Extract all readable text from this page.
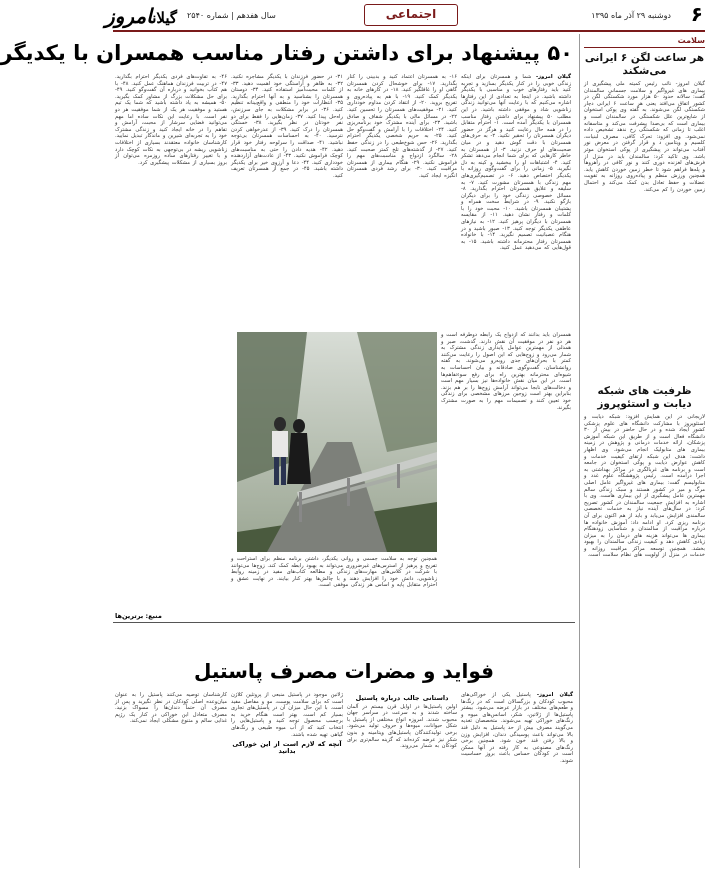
گیلانامروز	سال هفدهم | شماره ۲۵۴۰	اجتماعی	دوشنبه ۲۹ آذر ماه ۱۳۹۵ ۶
سلامت
هر ساعت لگن ۶ ایرانی می‌شکند
گیلان امروز- نائب رئیس کمیته ملی پیشگیری از بیماری های غیرواگیر و سلامت جسمانی سالمندان گفت: سالانه حدود ۵۰ هزار مورد شکستگی لگن در کشور اتفاق می‌افتد یعنی هر ساعت ۶ ایرانی دچار شکستگی لگن می‌شوند. به گفته وی پوکی استخوان از شایع‌ترین علل شکستگی در سالمندان است و بیماری است که بی‌صدا پیشرفت می‌کند و متاسفانه اغلب تا زمانی که شکستگی رخ ندهد تشخیص داده نمی‌شود. وی افزود: تحرک کافی، مصرف لبنیات، کلسیم و ویتامین د و قرار گرفتن در معرض نور آفتاب می‌تواند در پیشگیری از پوکی استخوان موثر باشد. وی تاکید کرد: سالمندان باید در منزل از فرش‌های لغزنده دوری کنند و نور کافی در راهروها و پله‌ها فراهم شود تا خطر زمین خوردن کاهش یابد. همچنین ورزش منظم و پیاده‌روی روزانه به تقویت عضلات و حفظ تعادل بدن کمک می‌کند و احتمال زمین خوردن را کم می‌کند.
ظرفیت های شبکه دیابت و استئوپروز
لاریجانی در این همایش افزود: شبکه دیابت و استئوپروز با مشارکت دانشگاه های علوم پزشکی کشور ایجاد شده و در حال حاضر در بیش از ۳۰ دانشگاه فعال است و از طریق این شبکه آموزش پزشکان، ارائه خدمات درمانی و پژوهش در زمینه بیماری های متابولیک انجام می‌شود. وی اظهار داشت: هدف این شبکه ارتقای کیفیت خدمات و کاهش عوارض دیابت و پوکی استخوان در جامعه است و برنامه های غربالگری در مراکز بهداشتی به اجرا درآمده است. رئیس پژوهشگاه علوم غدد و متابولیسم گفت: بیماری های غیرواگیر عامل اصلی مرگ و میر در کشور هستند و سبک زندگی سالم مهمترین عامل پیشگیری از این بیماری هاست. وی با اشاره به افزایش جمعیت سالمندان در کشور تصریح کرد: در سال‌های آینده نیاز به خدمات تخصصی سالمندی افزایش می‌یابد و باید از هم اکنون برای آن برنامه ریزی کرد. او ادامه داد: آموزش خانواده ها درباره مراقبت از سالمندان و شناسایی زودهنگام بیماری ها می‌تواند هزینه های درمان را به میزان زیادی کاهش دهد و کیفیت زندگی سالمندان را بهبود بخشد. همچنین توسعه مراکز مراقبت روزانه و خدمات در منزل از اولویت های نظام سلامت است.
۵۰ پیشنهاد برای داشتن رفتار مناسب همسران با یکدیگر
گیلان امروز- شما و همسرتان برای اینکه زندگی خوبی را در کنار یکدیگر بسازید و تجربه کنید باید رفتارهای خوب و مناسبی با یکدیگر داشته باشید. در اینجا به تعدادی از این رفتارها اشاره می‌کنیم که با رعایت آنها می‌توانید زندگی زناشویی شاد و موفقی داشته باشید. در این مطلب ۵۰ پیشنهاد برای داشتن رفتار مناسب همسران با یکدیگر آمده است. ۱- احترام متقابل را در همه حال رعایت کنید و هرگز در حضور دیگران همسرتان را تحقیر نکنید. ۲- به حرف‌های همسرتان با دقت گوش دهید و در میان صحبت‌های او حرف نزنید. ۳- از همسرتان به خاطر کارهایی که برای شما انجام می‌دهد تشکر کنید. ۴- اشتباهات او را ببخشید و کینه به دل نگیرید. ۵- زمانی را برای گفت‌وگوی روزانه با یکدیگر اختصاص دهید. ۶- در تصمیم‌گیری‌های مهم زندگی با همسرتان مشورت کنید. ۷- به سلیقه و علایق همسرتان احترام بگذارید. ۸- مسائل خصوصی زندگی خود را برای دیگران بازگو نکنید. ۹- در شرایط سخت همراه و پشتیبان همسرتان باشید. ۱۰- محبت خود را با کلمات و رفتار نشان دهید. ۱۱- از مقایسه همسرتان با دیگران پرهیز کنید. ۱۲- به نیازهای عاطفی یکدیگر توجه کنید. ۱۳- صبور باشید و در هنگام عصبانیت تصمیم نگیرید. ۱۴- با خانواده همسرتان رفتار محترمانه داشته باشید. ۱۵- به قول‌هایی که می‌دهید عمل کنید.
۱۶- به همسرتان اعتماد کنید و بدبینی را کنار بگذارید. ۱۷- برای خوشحال کردن همسرتان گاهی او را غافلگیر کنید. ۱۸- در کارهای خانه به یکدیگر کمک کنید. ۱۹- با هم به پیاده‌روی و تفریح بروید. ۲۰- از انتقاد کردن مداوم خودداری کنید. ۲۱- موفقیت‌های همسرتان را تحسین کنید. ۲۲- در مسائل مالی با یکدیگر شفاف و صادق باشید. ۲۳- برای آینده مشترک خود برنامه‌ریزی کنید. ۲۴- اختلافات را با آرامش و گفت‌وگو حل کنید. ۲۵- به حریم شخصی یکدیگر احترام بگذارید. ۲۶- حس شوخ‌طبعی را در زندگی حفظ کنید. ۲۷- از گذشته‌های تلخ کمتر صحبت کنید. ۲۸- سالگرد ازدواج و مناسبت‌های مهم را فراموش نکنید. ۲۹- هنگام بیماری از همسرتان مراقبت کنید. ۳۰- برای رشد فردی همسرتان انگیزه ایجاد کنید.
۳۱- در حضور فرزندان با یکدیگر مشاجره نکنید. ۳۲- به ظاهر و آراستگی خود اهمیت دهید. ۳۳- از کلمات محبت‌آمیز استفاده کنید. ۳۴- دوستان همسرتان را بشناسید و به آنها احترام بگذارید. ۳۵- انتظارات خود را منطقی و واقع‌بینانه تنظیم کنید. ۳۶- در برابر مشکلات به جای سرزنش، راه‌حل پیدا کنید. ۳۷- زمان‌هایی را فقط برای دو نفر خودتان در نظر بگیرید. ۳۸- خستگی همسرتان را درک کنید. ۳۹- از عذرخواهی کردن نترسید. ۴۰- به احساسات همسرتان بی‌توجه نباشید. ۴۱- صداقت را سرلوحه رفتار خود قرار دهید. ۴۲- هدیه دادن را حتی به مناسبت‌های کوچک فراموش نکنید. ۴۳- از عادت‌های آزاردهنده خودداری کنید. ۴۴- دعا و آرزوی خیر برای یکدیگر داشته باشید. ۴۵- در جمع از همسرتان تعریف کنید.
۴۶- به تفاوت‌های فردی یکدیگر احترام بگذارید. ۴۷- در تربیت فرزندان هماهنگ عمل کنید. ۴۸- با هم کتاب بخوانید و درباره آن گفت‌وگو کنید. ۴۹- برای حل مشکلات بزرگ از مشاور کمک بگیرید. ۵۰- همیشه به یاد داشته باشید که شما یک تیم هستید و موفقیت هر یک از شما موفقیت هر دو نفر است. با رعایت این نکات ساده اما مهم می‌توانید فضایی سرشار از محبت، آرامش و تفاهم را در خانه ایجاد کنید و زندگی مشترک خود را به تجربه‌ای شیرین و ماندگار تبدیل نمایید. کارشناسان خانواده معتقدند بسیاری از اختلافات زناشویی ریشه در بی‌توجهی به نکات کوچک دارد و با تغییر رفتارهای ساده روزمره می‌توان از بروز بسیاری از مشکلات پیشگیری کرد.
همسران باید بدانند که ازدواج یک رابطه دوطرفه است و هر دو نفر در موفقیت آن نقش دارند. گذشت، صبر و همدلی از مهمترین عوامل پایداری زندگی مشترک به شمار می‌رود و زوج‌هایی که این اصول را رعایت می‌کنند کمتر با بحران‌های جدی روبه‌رو می‌شوند. به گفته روانشناسان، گفت‌وگوی صادقانه و بیان احساسات به شیوه‌ای محترمانه بهترین راه برای رفع سوءتفاهم‌ها است. در این میان نقش خانواده‌ها نیز بسیار مهم است و دخالت‌های نابجا می‌تواند آرامش زوج‌ها را بر هم بزند. بنابراین بهتر است زوجین مرزهای مشخصی برای زندگی خود تعیین کنند و تصمیمات مهم را به صورت مشترک بگیرند.
همچنین توجه به سلامت جسمی و روانی یکدیگر، داشتن برنامه منظم برای استراحت و تفریح و پرهیز از استرس‌های غیرضروری می‌تواند به بهبود رابطه کمک کند. زوج‌ها می‌توانند با شرکت در کلاس‌های مهارت‌های زندگی و مطالعه کتاب‌های مفید در زمینه روابط زناشویی، دانش خود را افزایش دهند و با چالش‌ها بهتر کنار بیایند. در نهایت عشق و احترام متقابل پایه و اساس هر زندگی موفقی است.
منبع: برترین‌ها
فواید و مضرات مصرف پاستیل
گیلان امروز- پاستیل یکی از خوراکی‌های محبوب کودکان و بزرگسالان است که در رنگ‌ها و طعم‌های مختلف در بازار عرضه می‌شود. بیشتر پاستیل‌ها از ژلاتین، شکر، اسانس‌های میوه و رنگ‌های خوراکی تهیه می‌شوند. متخصصان تغذیه می‌گویند مصرف بیش از حد پاستیل به دلیل قند بالا می‌تواند باعث پوسیدگی دندان، افزایش وزن و بالا رفتن قند خون شود. همچنین برخی رنگ‌های مصنوعی به کار رفته در آنها ممکن است در کودکان حساس باعث بروز حساسیت شوند.
داستانی جالب درباره پاستیل
اولین پاستیل‌ها در اوایل قرن بیستم در آلمان ساخته شدند و به سرعت در سراسر جهان محبوب شدند. امروزه انواع مختلفی از پاستیل با شکل حیوانات، میوه‌ها و حروف تولید می‌شود. برخی تولیدکنندگان پاستیل‌های ویتامینه و بدون شکر نیز عرضه کرده‌اند که گزینه سالم‌تری برای کودکان به شمار می‌روند.
ژلاتین موجود در پاستیل منبعی از پروتئین کلاژن است که برای سلامت پوست، مو و مفاصل مفید است. با این حال میزان آن در پاستیل‌های تجاری بسیار کم است. بهتر است هنگام خرید به برچسب محصول توجه کنید و پاستیل‌هایی را انتخاب کنید که از آب میوه طبیعی و رنگ‌های گیاهی تهیه شده باشند.
آنچه که لازم است از این خوراکی بدانید
کارشناسان توصیه می‌کنند پاستیل را به عنوان میان‌وعده اصلی کودکان در نظر نگیرید و پس از مصرف آن حتماً دندان‌ها را مسواک بزنید. مصرف متعادل این خوراکی در کنار یک رژیم غذایی سالم و متنوع مشکلی ایجاد نمی‌کند.
